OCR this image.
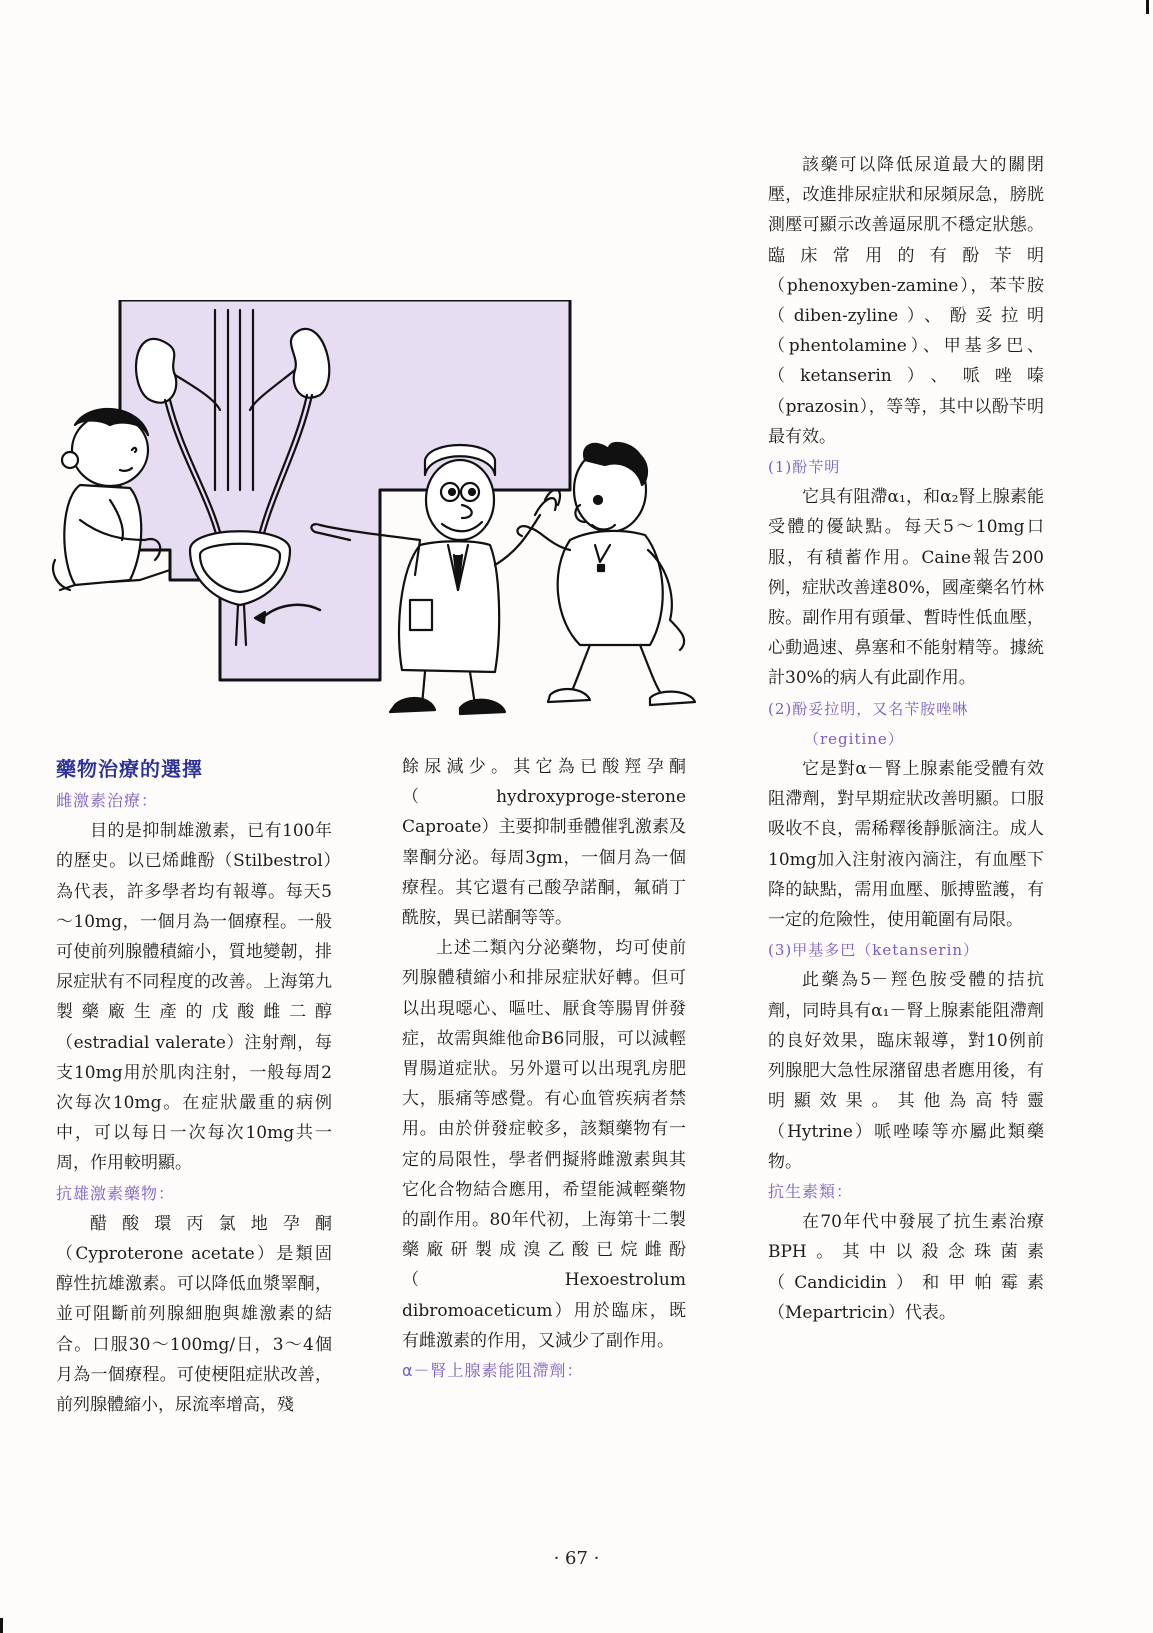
藥物治療的選擇
雌激素治療：

目的是抑制雄激素，已有100年的歷史。以已烯雌酚（Stilbestrol）為代表，許多學者均有報導。每天5～10mg，一個月為一個療程。一般可使前列腺體積縮小，質地變韌，排尿症狀有不同程度的改善。上海第九製藥廠生產的戊酸雌二醇（estradial valerate）注射劑，每支10mg用於肌肉注射，一般每周2次每次10mg。在症狀嚴重的病例中，可以每日一次每次10mg共一周，作用較明顯。

抗雄激素藥物：

醋酸環丙氯地孕酮（Cyproterone acetate）是類固醇性抗雄激素。可以降低血漿睪酮，並可阻斷前列腺細胞與雄激素的結合。口服30～100mg/日，3～4個月為一個療程。可使梗阻症狀改善，前列腺體縮小，尿流率增高，殘

餘尿減少。其它為已酸羥孕酮（hydroxyproge-sterone Caproate）主要抑制垂體催乳激素及睾酮分泌。每周3gm，一個月為一個療程。其它還有己酸孕諾酮，氟硝丁酰胺，異已諾酮等等。

上述二類內分泌藥物，均可使前列腺體積縮小和排尿症狀好轉。但可以出現噁心、嘔吐、厭食等腸胃併發症，故需與維他命B6同服，可以減輕胃腸道症狀。另外還可以出現乳房肥大，脹痛等感覺。有心血管疾病者禁用。由於併發症較多，該類藥物有一定的局限性，學者們擬將雌激素與其它化合物結合應用，希望能減輕藥物的副作用。80年代初，上海第十二製藥廠研製成溴乙酸已烷雌酚（Hexoestrolum dibromoaceticum）用於臨床，既有雌激素的作用，又減少了副作用。

α－腎上腺素能阻滯劑：

該藥可以降低尿道最大的關閉壓，改進排尿症狀和尿頻尿急，膀胱測壓可顯示改善逼尿肌不穩定狀態。臨床常用的有酚苄明（phenoxyben-zamine），苯苄胺（diben-zyline）、酚妥拉明（phentolamine）、甲基多巴、（ketanserin）、哌唑嗪（prazosin），等等，其中以酚苄明最有效。

(1)酚苄明

它具有阻滯α₁，和α₂腎上腺素能受體的優缺點。每天5～10mg口服，有積蓄作用。Caine報告200例，症狀改善達80%，國產藥名竹林胺。副作用有頭暈、暫時性低血壓，心動過速、鼻塞和不能射精等。據統計30%的病人有此副作用。

(2)酚妥拉明，又名苄胺唑啉
（regitine）

它是對α－腎上腺素能受體有效阻滯劑，對早期症狀改善明顯。口服吸收不良，需稀釋後靜脈滴注。成人10mg加入注射液內滴注，有血壓下降的缺點，需用血壓、脈搏監護，有一定的危險性，使用範圍有局限。

(3)甲基多巴（ketanserin）

此藥為5－羥色胺受體的拮抗劑，同時具有α₁－腎上腺素能阻滯劑的良好效果，臨床報導，對10例前列腺肥大急性尿潴留患者應用後，有明顯效果。其他為高特靈（Hytrine）哌唑嗪等亦屬此類藥物。

抗生素類：

在70年代中發展了抗生素治療BPH。其中以殺念珠菌素（Candicidin）和甲帕霉素（Mepartricin）代表。

· 67 ·
